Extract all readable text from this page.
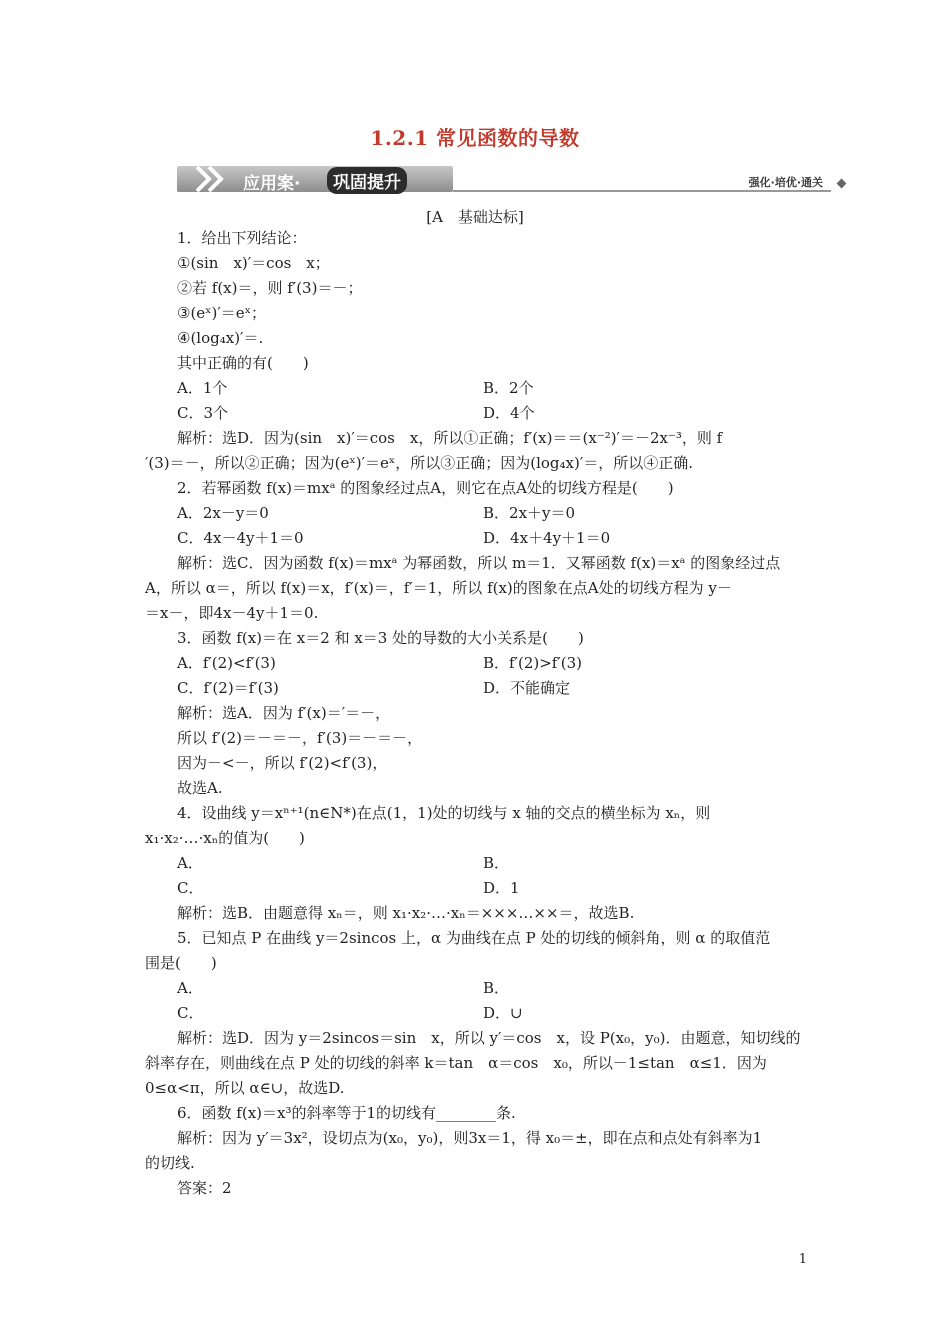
1.2.1 常见函数的导数
应用案·	巩固提升	强化·培优·通关
[A　基础达标]
1．给出下列结论：
①(sin　x)′＝cos　x；
②若 f(x)＝，则 f′(3)＝－；
③(eˣ)′＝eˣ；
④(log₄x)′＝.
其中正确的有(　　)
A．1个	B．2个
C．3个	D．4个
解析：选D．因为(sin　x)′＝cos　x，所以①正确；f′(x)＝＝(x⁻²)′＝－2x⁻³，则 f
′(3)＝－，所以②正确；因为(eˣ)′＝eˣ，所以③正确；因为(log₄x)′＝，所以④正确.
2．若幂函数 f(x)＝mxᵃ 的图象经过点A，则它在点A处的切线方程是(　　)
A．2x－y＝0	B．2x＋y＝0
C．4x－4y＋1＝0	D．4x＋4y＋1＝0
解析：选C．因为函数 f(x)＝mxᵃ 为幂函数，所以 m＝1．又幂函数 f(x)＝xᵃ 的图象经过点
A，所以 α＝，所以 f(x)＝x，f′(x)＝，f′＝1，所以 f(x)的图象在点A处的切线方程为 y－
＝x－，即4x－4y＋1＝0.
3．函数 f(x)＝在 x＝2 和 x＝3 处的导数的大小关系是(　　)
A．f′(2)<f′(3)	B．f′(2)>f′(3)
C．f′(2)＝f′(3)	D．不能确定
解析：选A．因为 f′(x)＝′＝－，
所以 f′(2)＝－＝－，f′(3)＝－＝－，
因为－<－，所以 f′(2)<f′(3)，
故选A.
4．设曲线 y＝xⁿ⁺¹(n∈N*)在点(1，1)处的切线与 x 轴的交点的横坐标为 xₙ，则
x₁·x₂·…·xₙ的值为(　　)
A．	B．
C．	D．1
解析：选B．由题意得 xₙ＝，则 x₁·x₂·…·xₙ＝×××…××＝，故选B.
5．已知点 P 在曲线 y＝2sincos 上，α 为曲线在点 P 处的切线的倾斜角，则 α 的取值范
围是(　　)
A．	B．
C．	D．∪
解析：选D．因为 y＝2sincos＝sin　x，所以 y′＝cos　x，设 P(x₀，y₀)．由题意，知切线的
斜率存在，则曲线在点 P 处的切线的斜率 k＝tan　α＝cos　x₀，所以－1≤tan　α≤1．因为
0≤α<π，所以 α∈∪，故选D.
6．函数 f(x)＝x³的斜率等于1的切线有________条.
解析：因为 y′＝3x²，设切点为(x₀，y₀)，则3x＝1，得 x₀＝±，即在点和点处有斜率为1
的切线.
答案：2
1
